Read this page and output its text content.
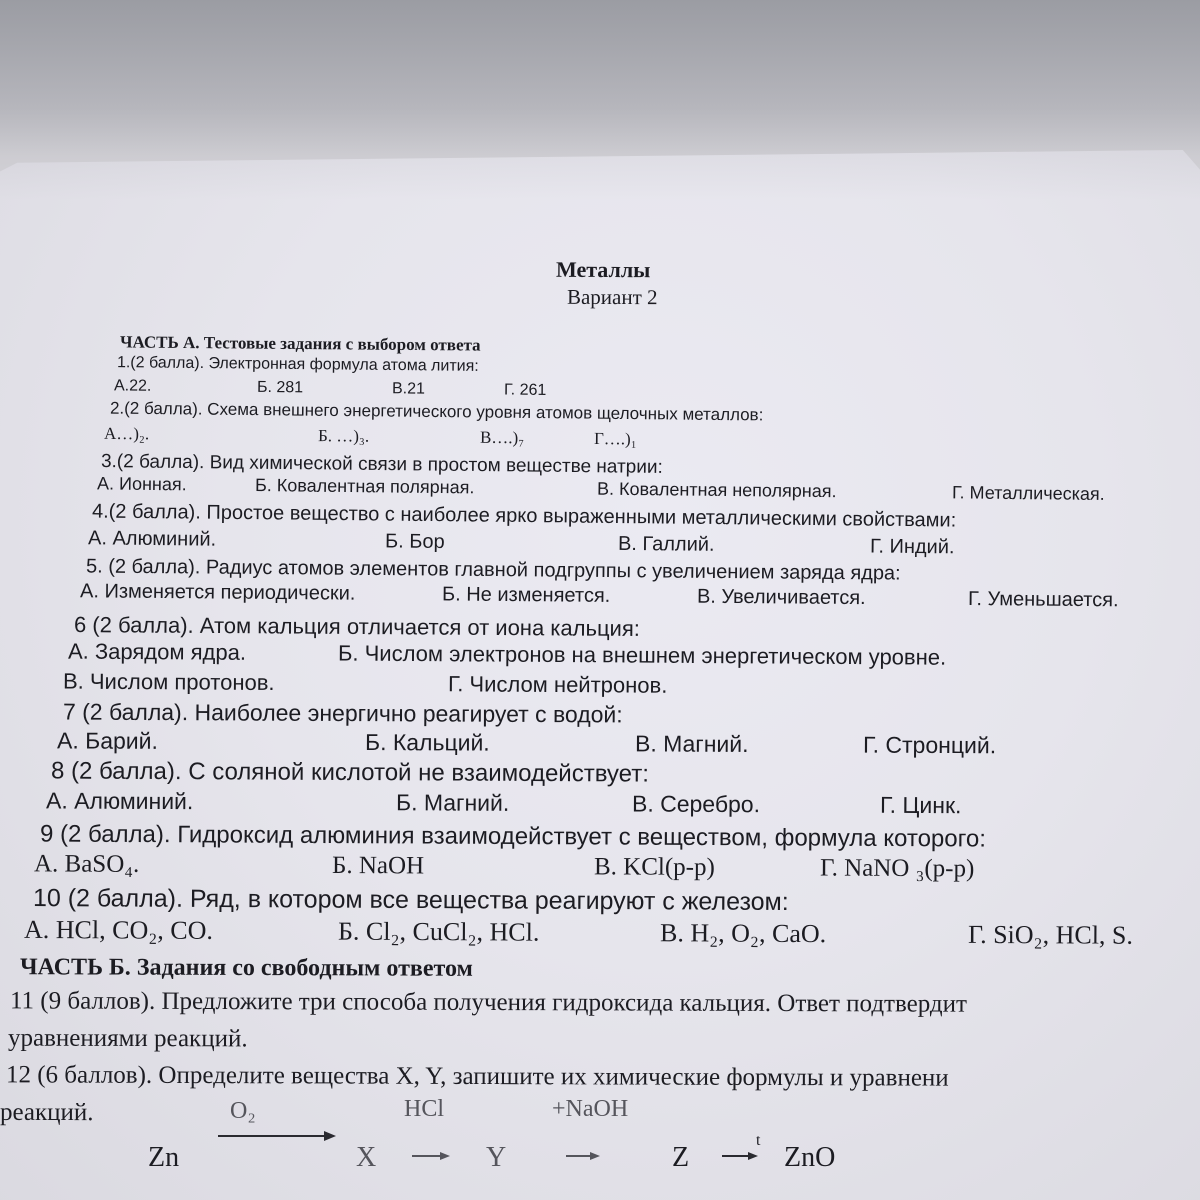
Металлы
Вариант 2
ЧАСТЬ А. Тестовые задания с выбором ответа
1.(2 балла). Электронная формула атома лития:
А.22.	Б. 281	В.21	Г. 261
2.(2 балла). Схема внешнего энергетического уровня атомов щелочных металлов:
А…)₂.	Б. …)₃.	В….)₇	Г….)₁
3.(2 балла). Вид химической связи в простом веществе натрии:
А. Ионная.	Б. Ковалентная полярная.	В. Ковалентная неполярная.	Г. Металлическая.
4.(2 балла). Простое вещество с наиболее ярко выраженными металлическими свойствами:
А. Алюминий.	Б. Бор	В. Галлий.	Г. Индий.
5. (2 балла). Радиус атомов элементов главной подгруппы с увеличением заряда ядра:
А. Изменяется периодически.	Б. Не изменяется.	В. Увеличивается.	Г. Уменьшается.
6 (2 балла). Атом кальция отличается от иона кальция:
А. Зарядом ядра.	Б. Числом электронов на внешнем энергетическом уровне.
В. Числом протонов.	Г. Числом нейтронов.
7 (2 балла). Наиболее энергично реагирует с водой:
А. Барий.	Б. Кальций.	В. Магний.	Г. Стронций.
8 (2 балла). С соляной кислотой не взаимодействует:
А. Алюминий.	Б. Магний.	В. Серебро.	Г. Цинк.
9 (2 балла). Гидроксид алюминия взаимодействует с веществом, формула которого:
А. BaSO₄.	Б. NaOH	В. KCl(р-р)	Г. NaNO ₃(р-р)
10 (2 балла). Ряд, в котором все вещества реагируют с железом:
А. HCl, CO₂, CO.	Б. Cl₂, CuCl₂, HCl.	В. H₂, O₂, CaO.	Г. SiO₂, HCl, S.
ЧАСТЬ Б. Задания со свободным ответом
11 (9 баллов). Предложите три способа получения гидроксида кальция. Ответ подтвердит
уравнениями реакций.
12 (6 баллов). Определите вещества X, Y, запишите их химические формулы и уравнени
реакций.	O₂	HCl	+NaOH
Zn	X	Y	Z
t
ZnO
